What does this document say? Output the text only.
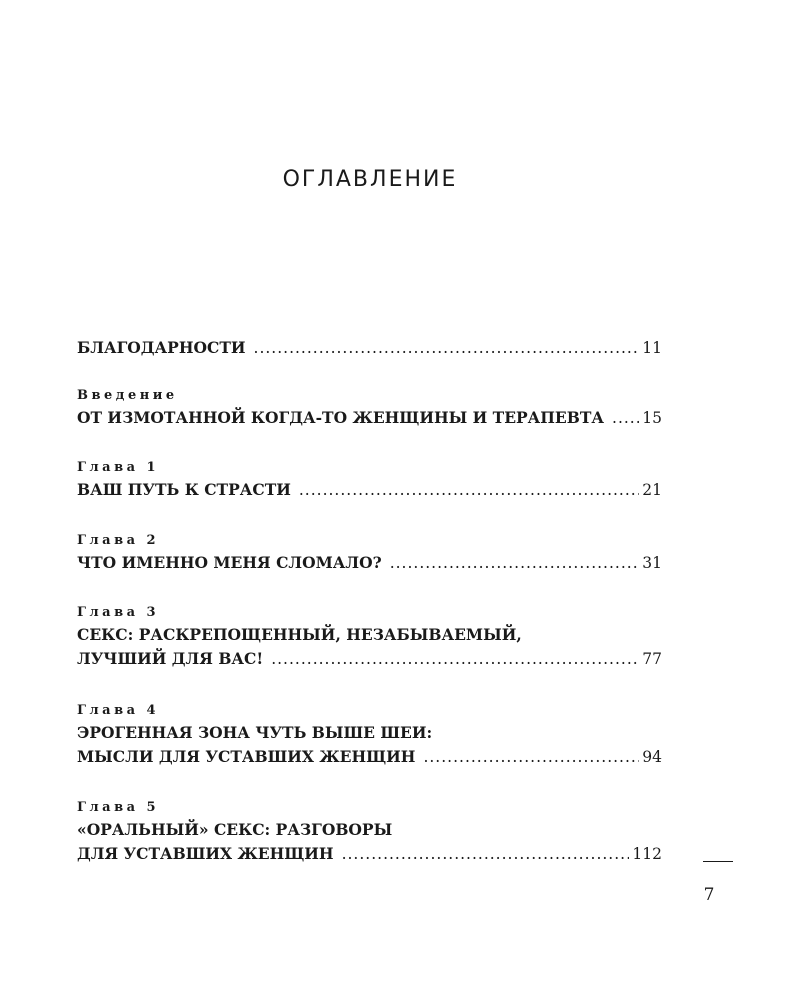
ОГЛАВЛЕНИЕ
БЛАГОДАРНОСТИ .....	11
Введение
ОТ ИЗМОТАННОЙ КОГДА-ТО ЖЕНЩИНЫ И ТЕРАПЕВТА ..... 15
Глава 1
ВАШ ПУТЬ К СТРАСТИ .....	21
Глава 2
ЧТО ИМЕННО МЕНЯ СЛОМАЛО? .....	31
Глава 3
СЕКС: РАСКРЕПОЩЕННЫЙ, НЕЗАБЫВАЕМЫЙ,
ЛУЧШИЙ ДЛЯ ВАС! .....	77
Глава 4
ЭРОГЕННАЯ ЗОНА ЧУТЬ ВЫШЕ ШЕИ:
МЫСЛИ ДЛЯ УСТАВШИХ ЖЕНЩИН .....	94
Глава 5
«ОРАЛЬНЫЙ» СЕКС: РАЗГОВОРЫ
ДЛЯ УСТАВШИХ ЖЕНЩИН .....	112
7
